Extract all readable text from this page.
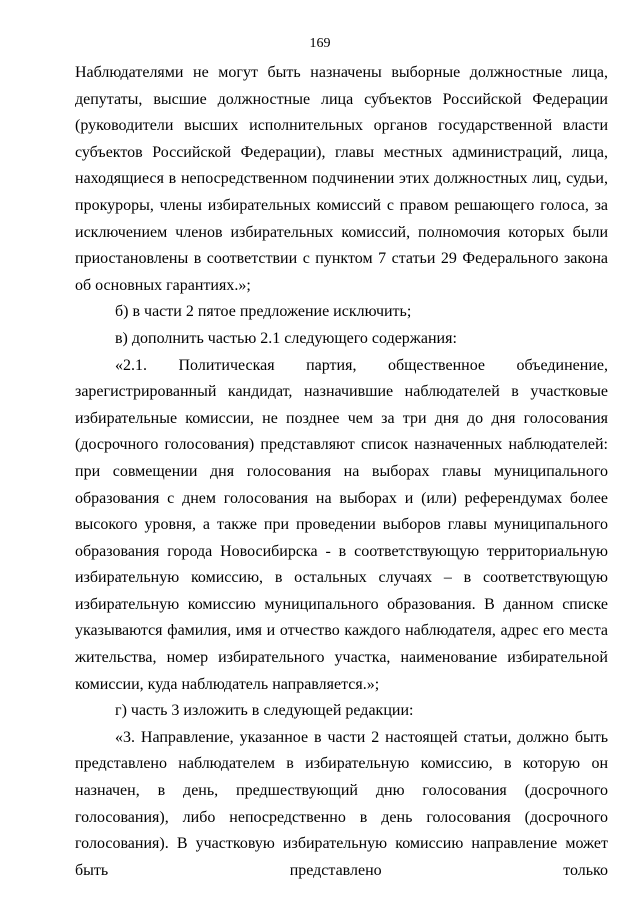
169

Наблюдателями не могут быть назначены выборные должностные лица, депутаты, высшие должностные лица субъектов Российской Федерации (руководители высших исполнительных органов государственной власти субъектов Российской Федерации), главы местных администраций, лица, находящиеся в непосредственном подчинении этих должностных лиц, судьи, прокуроры, члены избирательных комиссий с правом решающего голоса, за исключением членов избирательных комиссий, полномочия которых были приостановлены в соответствии с пунктом 7 статьи 29 Федерального закона об основных гарантиях.»;

б) в части 2 пятое предложение исключить;

в) дополнить частью 2.1 следующего содержания:

«2.1. Политическая партия, общественное объединение, зарегистрированный кандидат, назначившие наблюдателей в участковые избирательные комиссии, не позднее чем за три дня до дня голосования (досрочного голосования) представляют список назначенных наблюдателей: при совмещении дня голосования на выборах главы муниципального образования с днем голосования на выборах и (или) референдумах более высокого уровня, а также при проведении выборов главы муниципального образования города Новосибирска - в соответствующую территориальную избирательную комиссию, в остальных случаях – в соответствующую избирательную комиссию муниципального образования. В данном списке указываются фамилия, имя и отчество каждого наблюдателя, адрес его места жительства, номер избирательного участка, наименование избирательной комиссии, куда наблюдатель направляется.»;

г) часть 3 изложить в следующей редакции:

«3. Направление, указанное в части 2 настоящей статьи, должно быть представлено наблюдателем в избирательную комиссию, в которую он назначен, в день, предшествующий дню голосования (досрочного голосования), либо непосредственно в день голосования (досрочного голосования). В участковую избирательную комиссию направление может быть представлено только
